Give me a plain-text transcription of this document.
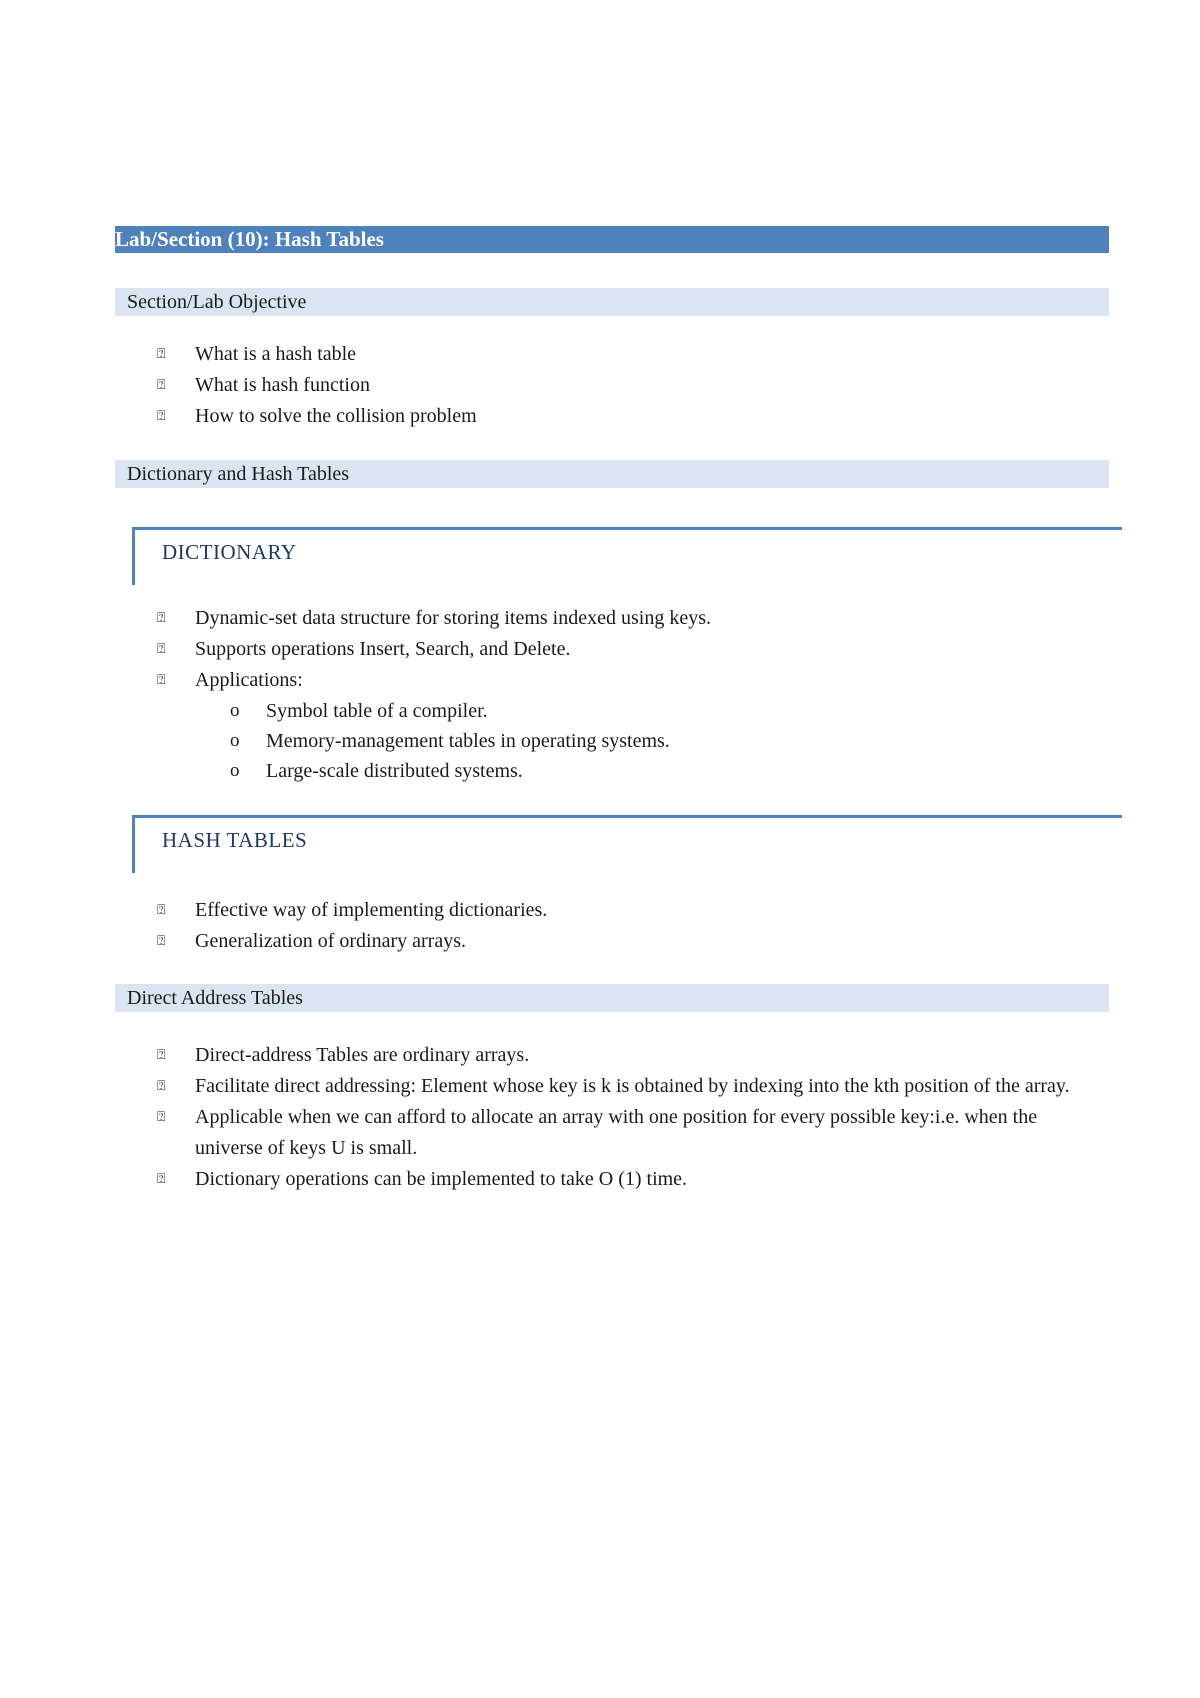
Lab/Section (10): Hash Tables
Section/Lab Objective
⍰ What is a hash table
⍰ What is hash function
⍰ How to solve the collision problem
Dictionary and Hash Tables
DICTIONARY
⍰ Dynamic-set data structure for storing items indexed using keys.
⍰ Supports operations Insert, Search, and Delete.
⍰ Applications:
o Symbol table of a compiler.
o Memory-management tables in operating systems.
o Large-scale distributed systems.
HASH TABLES
⍰ Effective way of implementing dictionaries.
⍰ Generalization of ordinary arrays.
Direct Address Tables
⍰ Direct-address Tables are ordinary arrays.
⍰ Facilitate direct addressing: Element whose key is k is obtained by indexing into the kth position of the array.
⍰ Applicable when we can afford to allocate an array with one position for every possible key:i.e. when the universe of keys U is small.
⍰ Dictionary operations can be implemented to take O (1) time.
